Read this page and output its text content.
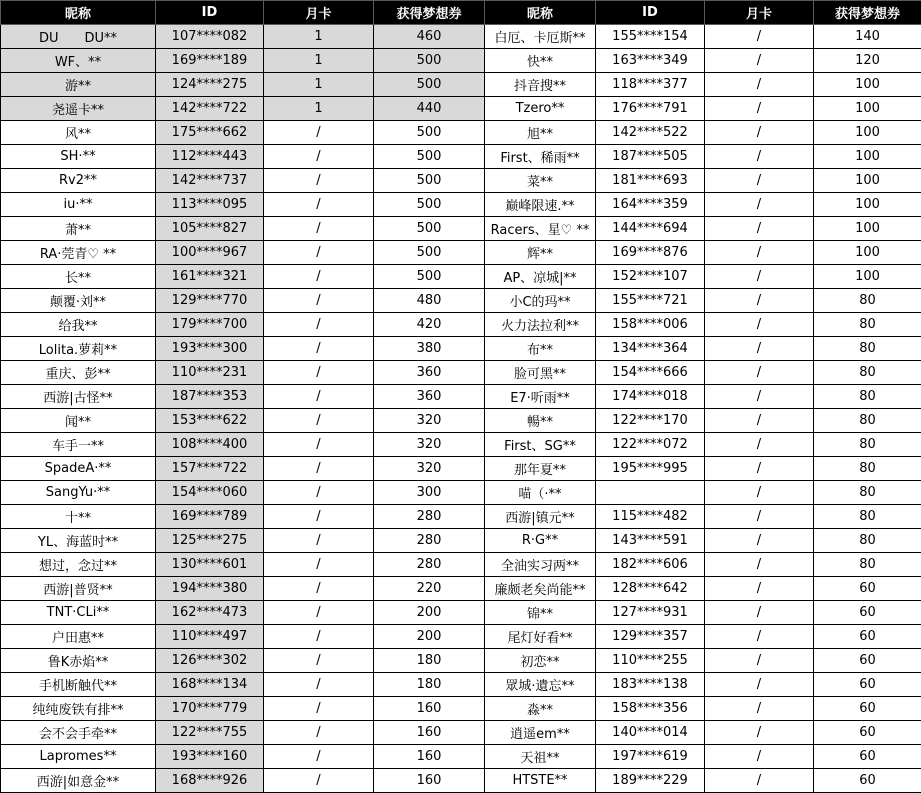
昵称	ID	月卡	获得梦想券	昵称	ID	月卡	获得梦想券
DU　　DU**	107****082	1	460	白厄、卡厄斯**	155****154	/	140
WF、**	169****189	1	500	快**	163****349	/	120
游**	124****275	1	500	抖音搜**	118****377	/	100
尧遥卡**	142****722	1	440	Tzero**	176****791	/	100
风**	175****662	/	500	旭**	142****522	/	100
SH·**	112****443	/	500	First、稀雨**	187****505	/	100
Rv2**	142****737	/	500	菜**	181****693	/	100
iu·**	113****095	/	500	巅峰限速.**	164****359	/	100
萧**	105****827	/	500	Racers、星♡ **	144****694	/	100
RA·莞青♡ **	100****967	/	500	辉**	169****876	/	100
长**	161****321	/	500	AP、凉城|**	152****107	/	100
颠覆·刘**	129****770	/	480	小C的玛**	155****721	/	80
给我**	179****700	/	420	火力法拉利**	158****006	/	80
Lolita.萝莉**	193****300	/	380	布**	134****364	/	80
重庆、彭**	110****231	/	360	脸可黑**	154****666	/	80
西游|古怪**	187****353	/	360	E7·听雨**	174****018	/	80
闻**	153****622	/	320	暢**	122****170	/	80
车手一**	108****400	/	320	First、SG**	122****072	/	80
SpadeA·**	157****722	/	320	那年夏**	195****995	/	80
SangYu·**	154****060	/	300	喵（·**		/	80
十**	169****789	/	280	西游|镇元**	115****482	/	80
YL、海蓝时**	125****275	/	280	R·G**	143****591	/	80
想过，念过**	130****601	/	280	全油实习两**	182****606	/	80
西游|普贤**	194****380	/	220	廉颇老矣尚能**	128****642	/	60
TNT·CLi**	162****473	/	200	锦**	127****931	/	60
户田惠**	110****497	/	200	尾灯好看**	129****357	/	60
鲁K赤焰**	126****302	/	180	初恋**	110****255	/	60
手机断触代**	168****134	/	180	眾城·遺忘**	183****138	/	60
纯纯废铁有排**	170****779	/	160	淼**	158****356	/	60
会不会手牵**	122****755	/	160	逍遥em**	140****014	/	60
Lapromes**	193****160	/	160	天祖**	197****619	/	60
西游|如意金**	168****926	/	160	HTSTE**	189****229	/	60
